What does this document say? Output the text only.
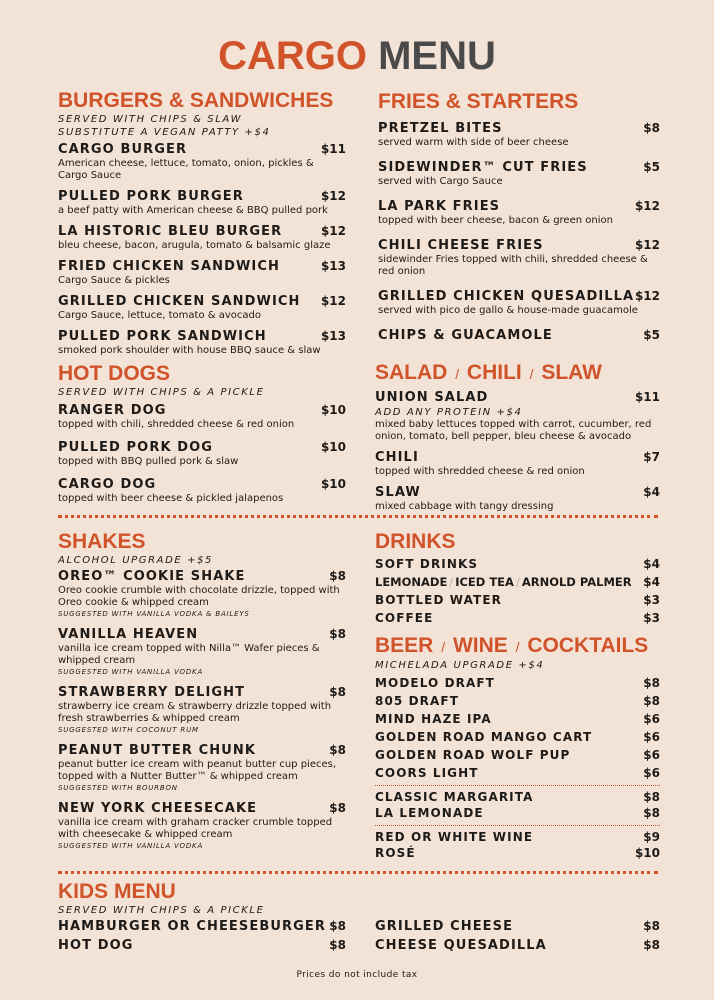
CARGO MENU
BURGERS & SANDWICHES
SERVED WITH CHIPS & SLAW
SUBSTITUTE A VEGAN PATTY +$4
CARGO BURGER	$11
American cheese, lettuce, tomato, onion, pickles & Cargo Sauce
PULLED PORK BURGER	$12
a beef patty with American cheese & BBQ pulled pork
LA HISTORIC BLEU BURGER	$12
bleu cheese, bacon, arugula, tomato & balsamic glaze
FRIED CHICKEN SANDWICH	$13
Cargo Sauce & pickles
GRILLED CHICKEN SANDWICH $12
Cargo Sauce, lettuce, tomato & avocado
PULLED PORK SANDWICH	$13
smoked pork shoulder with house BBQ sauce & slaw
FRIES & STARTERS
PRETZEL BITES	$8
served warm with side of beer cheese
SIDEWINDER™ CUT FRIES	$5
served with Cargo Sauce
LA PARK FRIES	$12
topped with beer cheese, bacon & green onion
CHILI CHEESE FRIES	$12
sidewinder Fries topped with chili, shredded cheese & red onion
GRILLED CHICKEN QUESADILLA $12
served with pico de gallo & house-made guacamole
CHIPS & GUACAMOLE	$5
HOT DOGS
SERVED WITH CHIPS & A PICKLE
RANGER DOG	$10
topped with chili, shredded cheese & red onion
PULLED PORK DOG	$10
topped with BBQ pulled pork & slaw
CARGO DOG	$10
topped with beer cheese & pickled jalapenos
SALAD / CHILI / SLAW
UNION SALAD	$11
ADD ANY PROTEIN +$4
mixed baby lettuces topped with carrot, cucumber, red onion, tomato, bell pepper, bleu cheese & avocado
CHILI	$7
topped with shredded cheese & red onion
SLAW	$4
mixed cabbage with tangy dressing
SHAKES
ALCOHOL UPGRADE +$5
OREO™ COOKIE SHAKE	$8
Oreo cookie crumble with chocolate drizzle, topped with Oreo cookie & whipped cream
SUGGESTED WITH VANILLA VODKA & BAILEYS
VANILLA HEAVEN	$8
vanilla ice cream topped with Nilla™ Wafer pieces & whipped cream
SUGGESTED WITH VANILLA VODKA
STRAWBERRY DELIGHT	$8
strawberry ice cream & strawberry drizzle topped with fresh strawberries & whipped cream
SUGGESTED WITH COCONUT RUM
PEANUT BUTTER CHUNK	$8
peanut butter ice cream with peanut butter cup pieces, topped with a Nutter Butter™ & whipped cream
SUGGESTED WITH BOURBON
NEW YORK CHEESECAKE	$8
vanilla ice cream with graham cracker crumble topped with cheesecake & whipped cream
SUGGESTED WITH VANILLA VODKA
DRINKS
SOFT DRINKS	$4
LEMONADE / ICED TEA / ARNOLD PALMER $4
BOTTLED WATER	$3
COFFEE	$3
BEER / WINE / COCKTAILS
MICHELADA UPGRADE +$4
MODELO DRAFT	$8
805 DRAFT	$8
MIND HAZE IPA	$6
GOLDEN ROAD MANGO CART	$6
GOLDEN ROAD WOLF PUP	$6
COORS LIGHT	$6
CLASSIC MARGARITA	$8
LA LEMONADE	$8
RED OR WHITE WINE	$9
ROSÉ	$10
KIDS MENU
SERVED WITH CHIPS & A PICKLE
HAMBURGER OR CHEESEBURGER $8
HOT DOG	$8
GRILLED CHEESE	$8
CHEESE QUESADILLA	$8
Prices do not include tax
